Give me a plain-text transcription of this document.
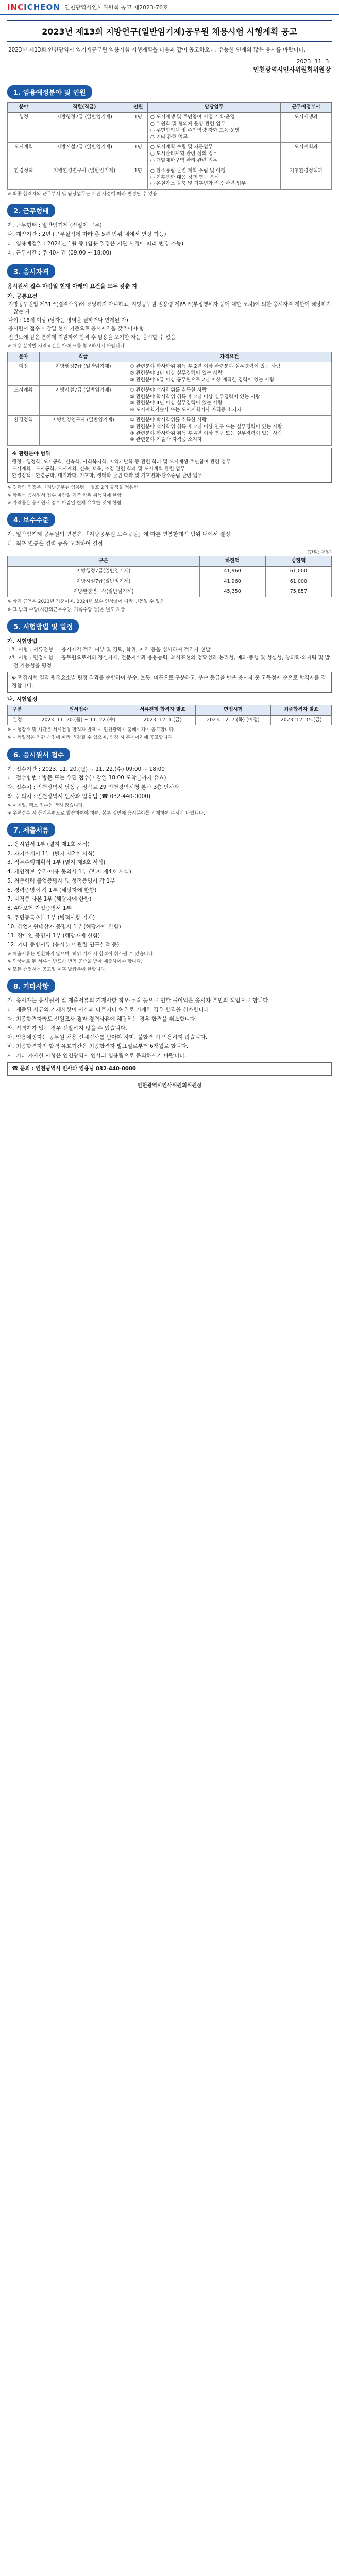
INCICHEON 인천광역시인사위원회 공고 제2023-76호
2023년 제13회 지방연구(일반임기제)공무원 채용시험 시행계획 공고

2023년 제13회 인천광역시 임기제공무원 임용시험 시행계획을 다음과 같이 공고하오니, 유능한 인재의 많은 응시를 바랍니다.

2023. 11. 3.
인천광역시인사위원회위원장
1. 임용예정분야 및 인원
분야	직렬(직급)	인원	담당업무	근무예정부서
행정	지방행정7급 (일반임기제)	1명	○ 도시재생 및 주민참여 시정 기획·운영
○ 위원회 및 협의체 운영 관련 업무
○ 주민협의체 및 주민역량 강화 교육·운영
○ 기타 관련 업무	도시재생과
도시계획	지방시설7급 (일반임기제)	1명	○ 도시계획 수립 및 자문업무
○ 도시관리계획 관련 심의 업무
○ 개발제한구역 관리 관련 업무	도시계획과
환경정책	지방환경연구사 (일반임기제)	1명	○ 탄소중립 관련 계획 수립 및 이행
○ 기후변화 대응 정책 연구·분석
○ 온실가스 감축 및 기후변화 적응 관련 업무	기후환경정책과
※ 최종 합격자의 근무부서 및 담당업무는 기관 사정에 따라 변경될 수 있음
2. 근무형태
가. 근무형태 : 일반임기제 (전일제 근무)
나. 계약기간 : 2년 (근무실적에 따라 총 5년 범위 내에서 연장 가능)
다. 임용예정일 : 2024년 1월 중 (임용 일정은 기관 사정에 따라 변경 가능)
라. 근무시간 : 주 40시간 (09:00 ~ 18:00)
3. 응시자격
응시원서 접수 마감일 현재 아래의 요건을 모두 갖춘 자
가. 공통요건
지방공무원법 제31조(결격사유)에 해당하지 아니하고, 지방공무원 임용령 제65조(부정행위자 등에 대한 조치)에 의한 응시자격 제한에 해당하지 않는 자
나이 : 18세 이상 (남자는 병역을 필하거나 면제된 자)
응시원서 접수 마감일 현재 기준으로 응시자격을 갖추어야 함
전년도에 같은 분야에 지원하여 합격 후 임용을 포기한 자는 응시할 수 없음
※ 채용 분야별 자격요건은 아래 표를 참고하시기 바랍니다.
분야	직급	자격요건
행정	지방행정7급 (일반임기제)	① 관련분야 학사학위 취득 후 2년 이상 관련분야 실무경력이 있는 사람
② 관련분야 3년 이상 실무경력이 있는 사람
③ 관련분야 6급 이상 공무원으로 2년 이상 재직한 경력이 있는 사람
도시계획	지방시설7급 (일반임기제)	① 관련분야 석사학위를 취득한 사람
② 관련분야 학사학위 취득 후 2년 이상 실무경력이 있는 사람
③ 관련분야 4년 이상 실무경력이 있는 사람
④ 도시계획기술사 또는 도시계획기사 자격증 소지자
환경정책	지방환경연구사 (일반임기제)	① 관련분야 박사학위를 취득한 사람
② 관련분야 석사학위 취득 후 2년 이상 연구 또는 실무경력이 있는 사람
③ 관련분야 학사학위 취득 후 4년 이상 연구 또는 실무경력이 있는 사람
④ 관련분야 기술사 자격증 소지자
※ 관련분야 범위
행정 : 행정학, 도시공학, 건축학, 사회복지학, 지역개발학 등 관련 학과 및 도시재생·주민참여 관련 업무
도시계획 : 도시공학, 도시계획, 건축, 토목, 조경 관련 학과 및 도시계획 관련 업무
환경정책 : 환경공학, 대기과학, 기후학, 생태학 관련 학과 및 기후변화·탄소중립 관련 업무
※ 경력의 인정은 「지방공무원 임용령」 별표 2의 규정을 적용함
※ 학위는 응시원서 접수 마감일 기준 학위 취득자에 한함
※ 자격증은 응시원서 접수 마감일 현재 유효한 것에 한함
4. 보수수준
가. 일반임기제 공무원의 연봉은 「지방공무원 보수규정」에 따른 연봉한계액 범위 내에서 결정
나. 최초 연봉은 경력 등을 고려하여 결정
(단위: 천원)
구분	하한액	상한액
지방행정7급(일반임기제)	41,960	61,000
지방시설7급(일반임기제)	41,960	61,000
지방환경연구사(일반임기제)	45,350	75,857
※ 상기 금액은 2023년 기준이며, 2024년 보수 인상률에 따라 변동될 수 있음
※ 그 밖의 수당(시간외근무수당, 가족수당 등)은 별도 지급
5. 시험방법 및 일정
가. 시험방법
1차 시험 : 서류전형 — 응시자격 적격 여부 및 경력, 학위, 자격 등을 심사하여 적격자 선발
2차 시험 : 면접시험 — 공무원으로서의 정신자세, 전문지식과 응용능력, 의사표현의 정확성과 논리성, 예의·품행 및 성실성, 창의력·의지력 및 발전 가능성을 평정
※ 면접시험 결과 평정요소별 평정 결과를 종합하여 우수, 보통, 미흡으로 구분하고, 우수 등급을 받은 응시자 중 고득점자 순으로 합격자를 결정합니다.
나. 시험일정
구분	원서접수	서류전형 합격자 발표	면접시험	최종합격자 발표
일정	2023. 11. 20.(월) ~ 11. 22.(수)	2023. 12. 1.(금)	2023. 12. 7.(목) (예정)	2023. 12. 15.(금)
※ 시험장소 및 시간은 서류전형 합격자 발표 시 인천광역시 홈페이지에 공고합니다.
※ 시험일정은 기관 사정에 따라 변경될 수 있으며, 변경 시 홈페이지에 공고합니다.
6. 응시원서 접수
가. 접수기간 : 2023. 11. 20.(월) ~ 11. 22.(수) 09:00 ~ 18:00
나. 접수방법 : 방문 또는 우편 접수(마감일 18:00 도착분까지 유효)
다. 접수처 : 인천광역시 남동구 정각로 29 인천광역시청 본관 3층 인사과
라. 문의처 : 인천광역시 인사과 임용팀 (☎ 032-440-0000)
※ 이메일, 팩스 접수는 받지 않습니다.
※ 우편접수 시 등기우편으로 발송하여야 하며, 봉투 겉면에 응시분야를 기재하여 주시기 바랍니다.
7. 제출서류
1. 응시원서 1부 (별지 제1호 서식)
2. 자기소개서 1부 (별지 제2호 서식)
3. 직무수행계획서 1부 (별지 제3호 서식)
4. 개인정보 수집·이용 동의서 1부 (별지 제4호 서식)
5. 최종학력 졸업증명서 및 성적증명서 각 1부
6. 경력증명서 각 1부 (해당자에 한함)
7. 자격증 사본 1부 (해당자에 한함)
8. 4대보험 가입증명서 1부
9. 주민등록초본 1부 (병적사항 기재)
10. 취업지원대상자 증명서 1부 (해당자에 한함)
11. 장애인 증명서 1부 (해당자에 한함)
12. 기타 증빙서류 (응시분야 관련 연구실적 등)
※ 제출서류는 반환하지 않으며, 허위 기재 시 합격이 취소될 수 있습니다.
※ 외국어로 된 서류는 반드시 번역 공증을 받아 제출하여야 합니다.
※ 모든 증명서는 공고일 이후 발급분에 한합니다.
8. 기타사항
가. 응시자는 응시원서 및 제출서류의 기재사항 착오·누락 등으로 인한 불이익은 응시자 본인의 책임으로 합니다.
나. 제출된 서류의 기재사항이 사실과 다르거나 허위로 기재한 경우 합격을 취소합니다.
다. 최종합격자라도 신원조사 결과 결격사유에 해당하는 경우 합격을 취소합니다.
라. 적격자가 없는 경우 선발하지 않을 수 있습니다.
마. 임용예정자는 공무원 채용 신체검사를 받아야 하며, 불합격 시 임용하지 않습니다.
바. 최종합격자의 합격 유효기간은 최종합격자 발표일로부터 6개월로 합니다.
사. 기타 자세한 사항은 인천광역시 인사과 임용팀으로 문의하시기 바랍니다.
☎ 문의 : 인천광역시 인사과 임용팀 032-440-0000
인천광역시인사위원회위원장
